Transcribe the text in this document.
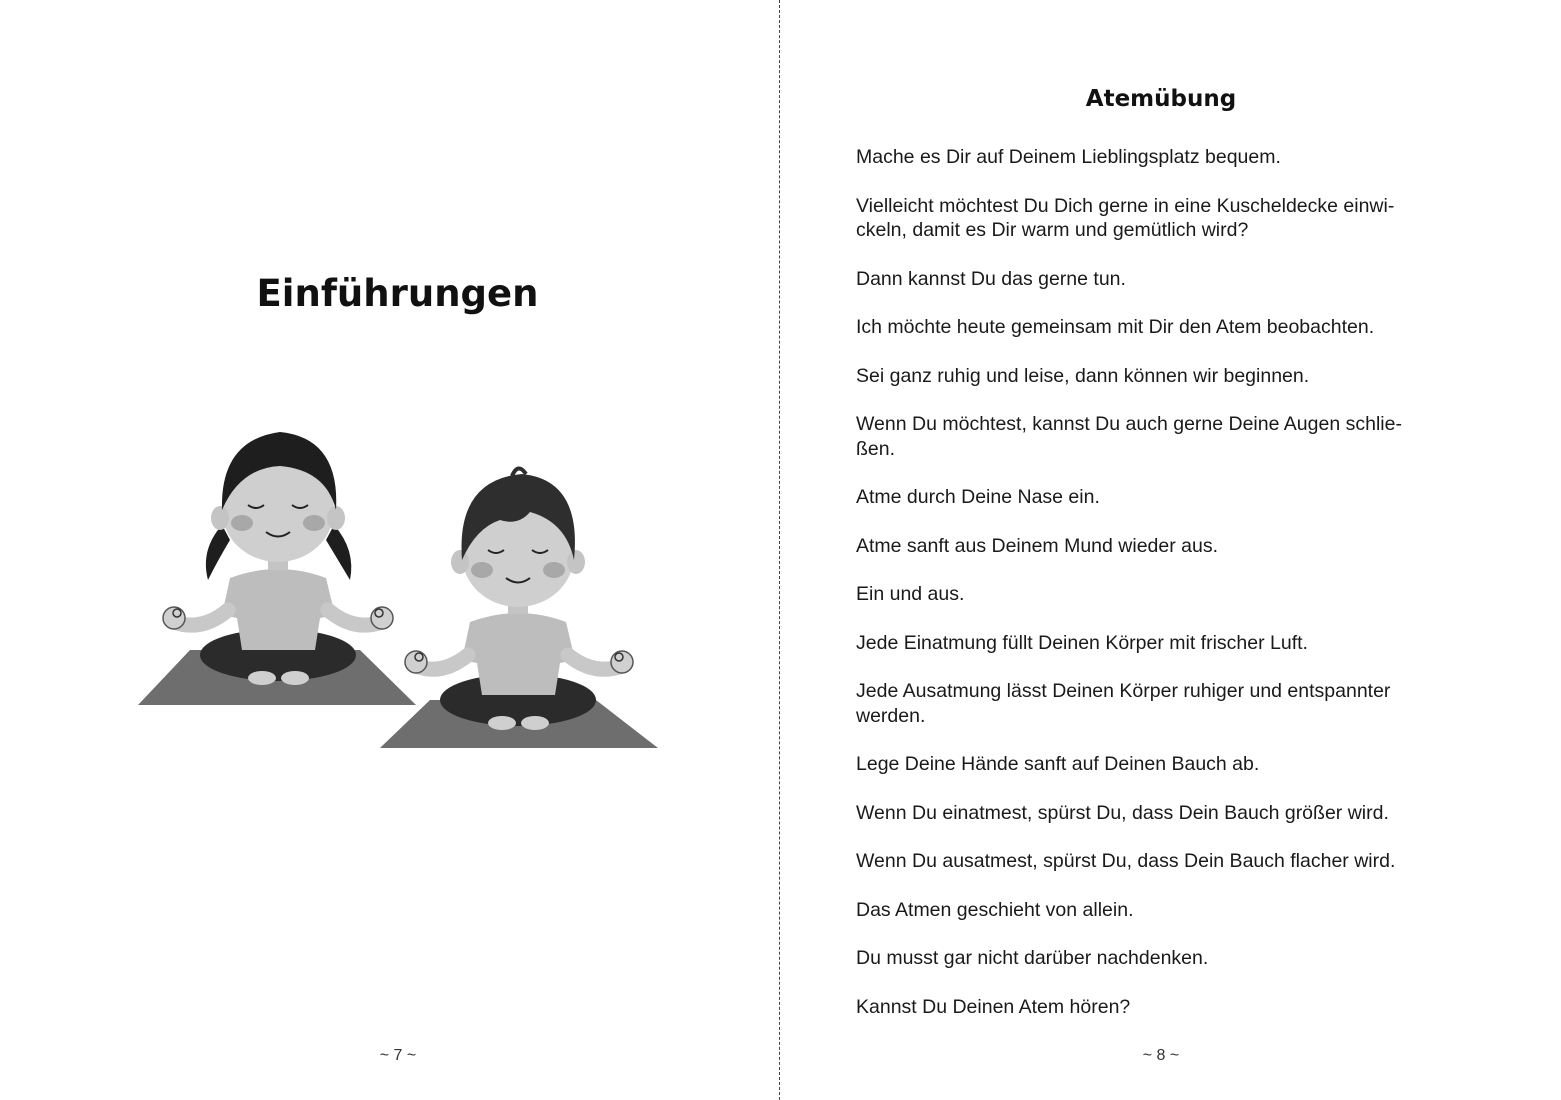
Einführungen
~ 7 ~
Atemübung

Mache es Dir auf Deinem Lieblingsplatz bequem.

Vielleicht möchtest Du Dich gerne in eine Kuscheldecke einwi-
ckeln, damit es Dir warm und gemütlich wird?

Dann kannst Du das gerne tun.

Ich möchte heute gemeinsam mit Dir den Atem beobachten.

Sei ganz ruhig und leise, dann können wir beginnen.

Wenn Du möchtest, kannst Du auch gerne Deine Augen schlie-
ßen.

Atme durch Deine Nase ein.

Atme sanft aus Deinem Mund wieder aus.

Ein und aus.

Jede Einatmung füllt Deinen Körper mit frischer Luft.

Jede Ausatmung lässt Deinen Körper ruhiger und entspannter
werden.

Lege Deine Hände sanft auf Deinen Bauch ab.

Wenn Du einatmest, spürst Du, dass Dein Bauch größer wird.

Wenn Du ausatmest, spürst Du, dass Dein Bauch flacher wird.

Das Atmen geschieht von allein.

Du musst gar nicht darüber nachdenken.

Kannst Du Deinen Atem hören?

~ 8 ~
